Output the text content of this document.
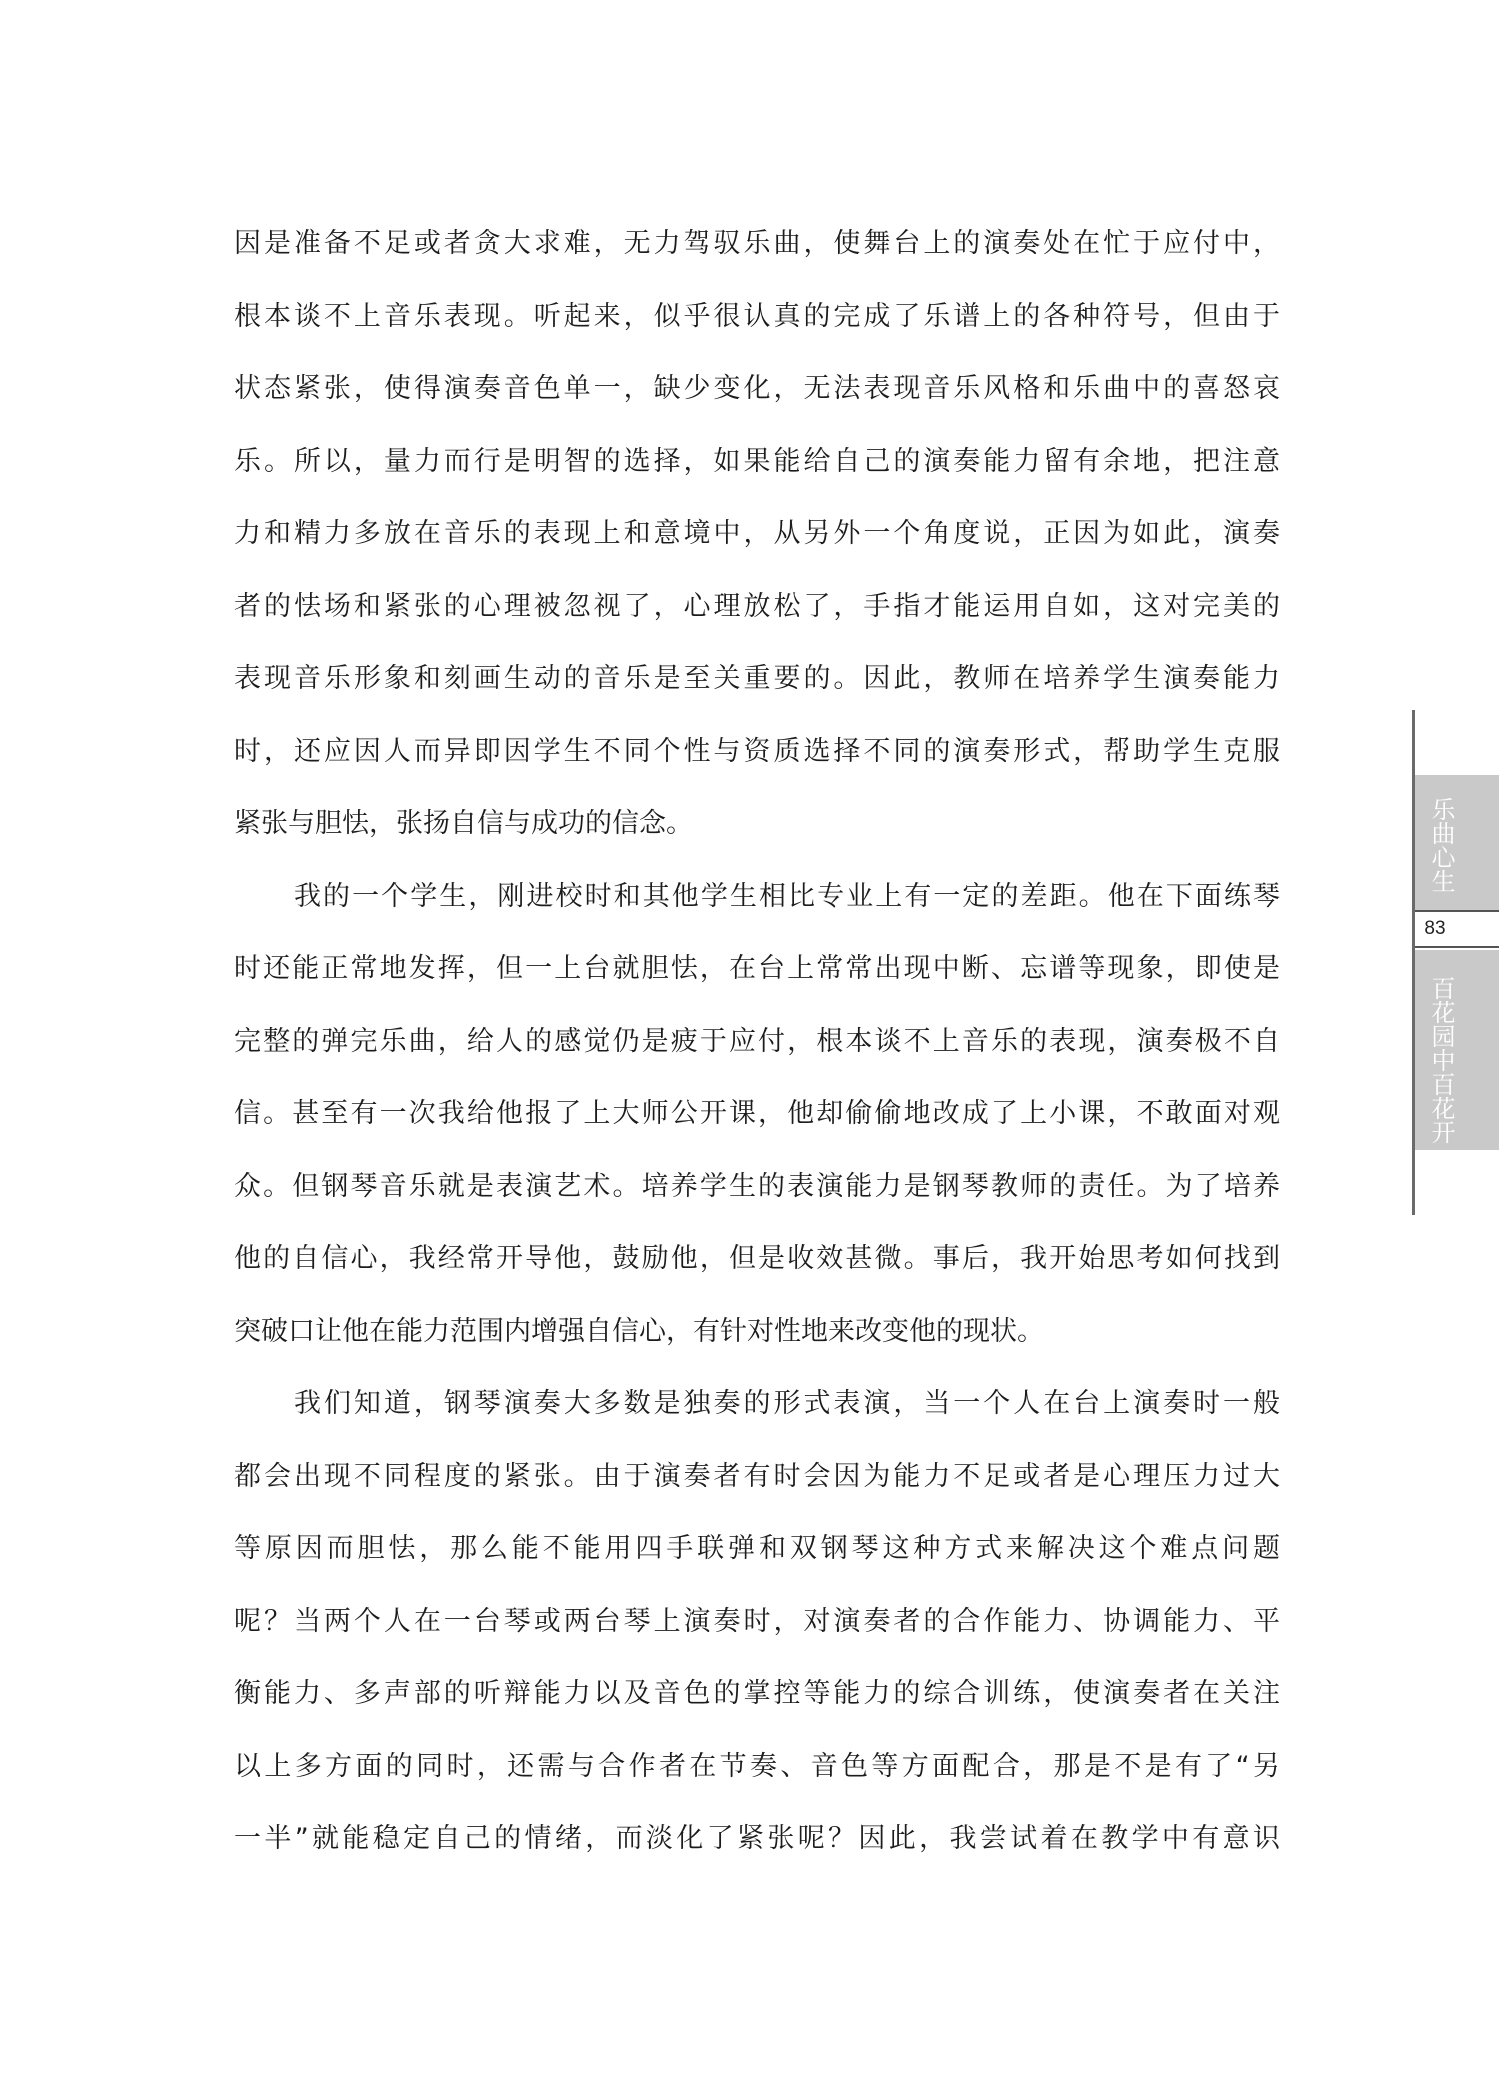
因是准备不足或者贪大求难，无力驾驭乐曲，使舞台上的演奏处在忙于应付中，
根本谈不上音乐表现。听起来，似乎很认真的完成了乐谱上的各种符号，但由于
状态紧张，使得演奏音色单一，缺少变化，无法表现音乐风格和乐曲中的喜怒哀
乐。所以，量力而行是明智的选择，如果能给自己的演奏能力留有余地，把注意
力和精力多放在音乐的表现上和意境中，从另外一个角度说，正因为如此，演奏
者的怯场和紧张的心理被忽视了，心理放松了，手指才能运用自如，这对完美的
表现音乐形象和刻画生动的音乐是至关重要的。因此，教师在培养学生演奏能力
时，还应因人而异即因学生不同个性与资质选择不同的演奏形式，帮助学生克服
紧张与胆怯，张扬自信与成功的信念。
我的一个学生，刚进校时和其他学生相比专业上有一定的差距。他在下面练琴
时还能正常地发挥，但一上台就胆怯，在台上常常出现中断、忘谱等现象，即使是
完整的弹完乐曲，给人的感觉仍是疲于应付，根本谈不上音乐的表现，演奏极不自
信。甚至有一次我给他报了上大师公开课，他却偷偷地改成了上小课，不敢面对观
众。但钢琴音乐就是表演艺术。培养学生的表演能力是钢琴教师的责任。为了培养
他的自信心，我经常开导他，鼓励他，但是收效甚微。事后，我开始思考如何找到
突破口让他在能力范围内增强自信心，有针对性地来改变他的现状。
我们知道，钢琴演奏大多数是独奏的形式表演，当一个人在台上演奏时一般
都会出现不同程度的紧张。由于演奏者有时会因为能力不足或者是心理压力过大
等原因而胆怯，那么能不能用四手联弹和双钢琴这种方式来解决这个难点问题
呢？当两个人在一台琴或两台琴上演奏时，对演奏者的合作能力、协调能力、平
衡能力、多声部的听辩能力以及音色的掌控等能力的综合训练，使演奏者在关注
以上多方面的同时，还需与合作者在节奏、音色等方面配合，那是不是有了“另
一半”就能稳定自己的情绪，而淡化了紧张呢？因此，我尝试着在教学中有意识
乐曲心生
83
百花园中百花开
